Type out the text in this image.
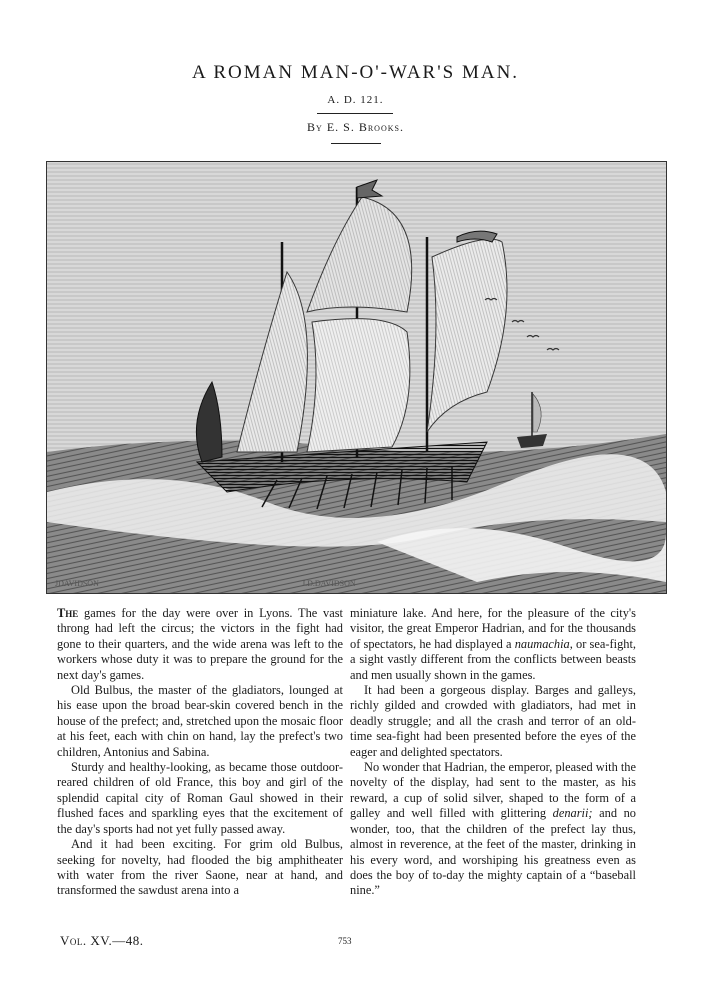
A ROMAN MAN-O'-WAR'S MAN.
A. D. 121.
By E. S. Brooks.
JDAVIDSON	J.D.DAVIDSON

The games for the day were over in Lyons. The vast throng had left the circus; the victors in the fight had gone to their quarters, and the wide arena was left to the workers whose duty it was to prepare the ground for the next day's games.

Old Bulbus, the master of the gladiators, lounged at his ease upon the broad bear-skin covered bench in the house of the prefect; and, stretched upon the mosaic floor at his feet, each with chin on hand, lay the prefect's two children, Antonius and Sabina.

Sturdy and healthy-looking, as became those outdoor-reared children of old France, this boy and girl of the splendid capital city of Roman Gaul showed in their flushed faces and sparkling eyes that the excitement of the day's sports had not yet fully passed away.

And it had been exciting. For grim old Bulbus, seeking for novelty, had flooded the big amphitheater with water from the river Saone, near at hand, and transformed the sawdust arena into a

miniature lake. And here, for the pleasure of the city's visitor, the great Emperor Hadrian, and for the thousands of spectators, he had displayed a naumachia, or sea-fight, a sight vastly different from the conflicts between beasts and men usually shown in the games.

It had been a gorgeous display. Barges and galleys, richly gilded and crowded with gladiators, had met in deadly struggle; and all the crash and terror of an old-time sea-fight had been presented before the eyes of the eager and delighted spectators.

No wonder that Hadrian, the emperor, pleased with the novelty of the display, had sent to the master, as his reward, a cup of solid silver, shaped to the form of a galley and well filled with glittering denarii; and no wonder, too, that the children of the prefect lay thus, almost in reverence, at the feet of the master, drinking in his every word, and worshiping his greatness even as does the boy of to-day the mighty captain of a “baseball nine.”

Vol. XV.—48.	753
